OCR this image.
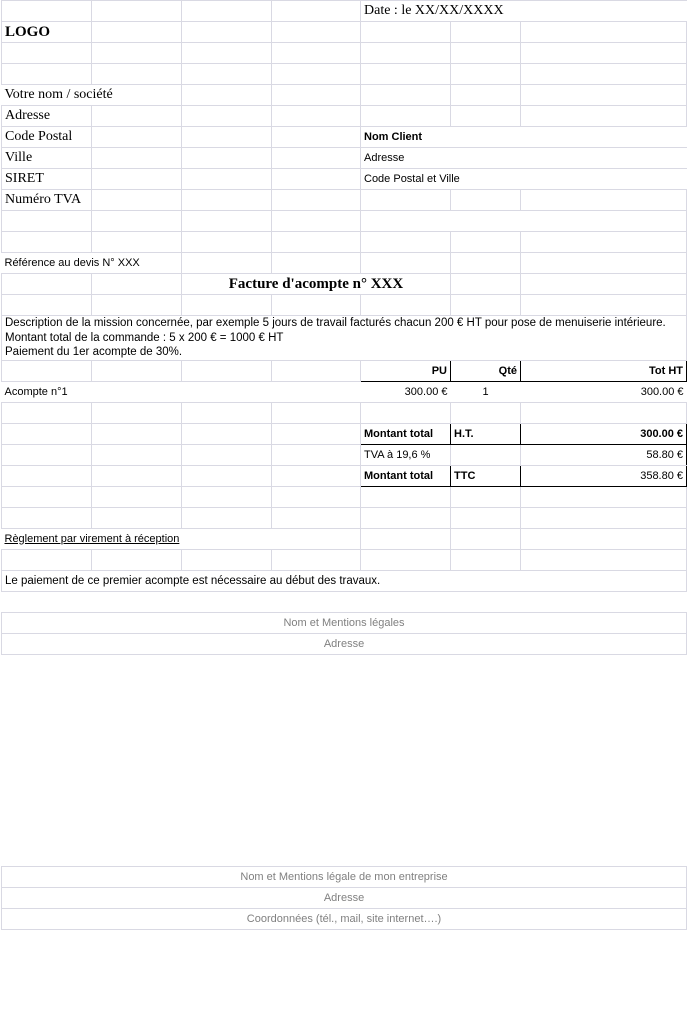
				Date : le XX/XX/XXXX		
LOGO						

Votre nom / société						
Adresse						
Code Postal				Nom Client		
Ville				Adresse		
SIRET				Code Postal et Ville		
Numéro TVA						

Référence au devis N° XXX						
		Facture d'acompte n° XXX				

Description de la mission concernée, par exemple 5 jours de travail facturés chacun 200 € HT pour pose de menuiserie intérieure.
Montant total de la commande : 5 x 200 € = 1000 € HT
Paiement du 1er acompte de 30%.						

				PU	Qté	Tot HT
Acompte n°1				300.00 €	1	300.00 €

				Montant total	H.T.	300.00 €
				TVA à 19,6 %		58.80 €
				Montant total	TTC	358.80 €

Règlement par virement à réception						

Le paiement de ce premier acompte est nécessaire au début des travaux.						

Nom et Mentions légales						
Adresse						

Nom et Mentions légale de mon entreprise						
Adresse						
Coordonnées (tél., mail, site internet….)						
